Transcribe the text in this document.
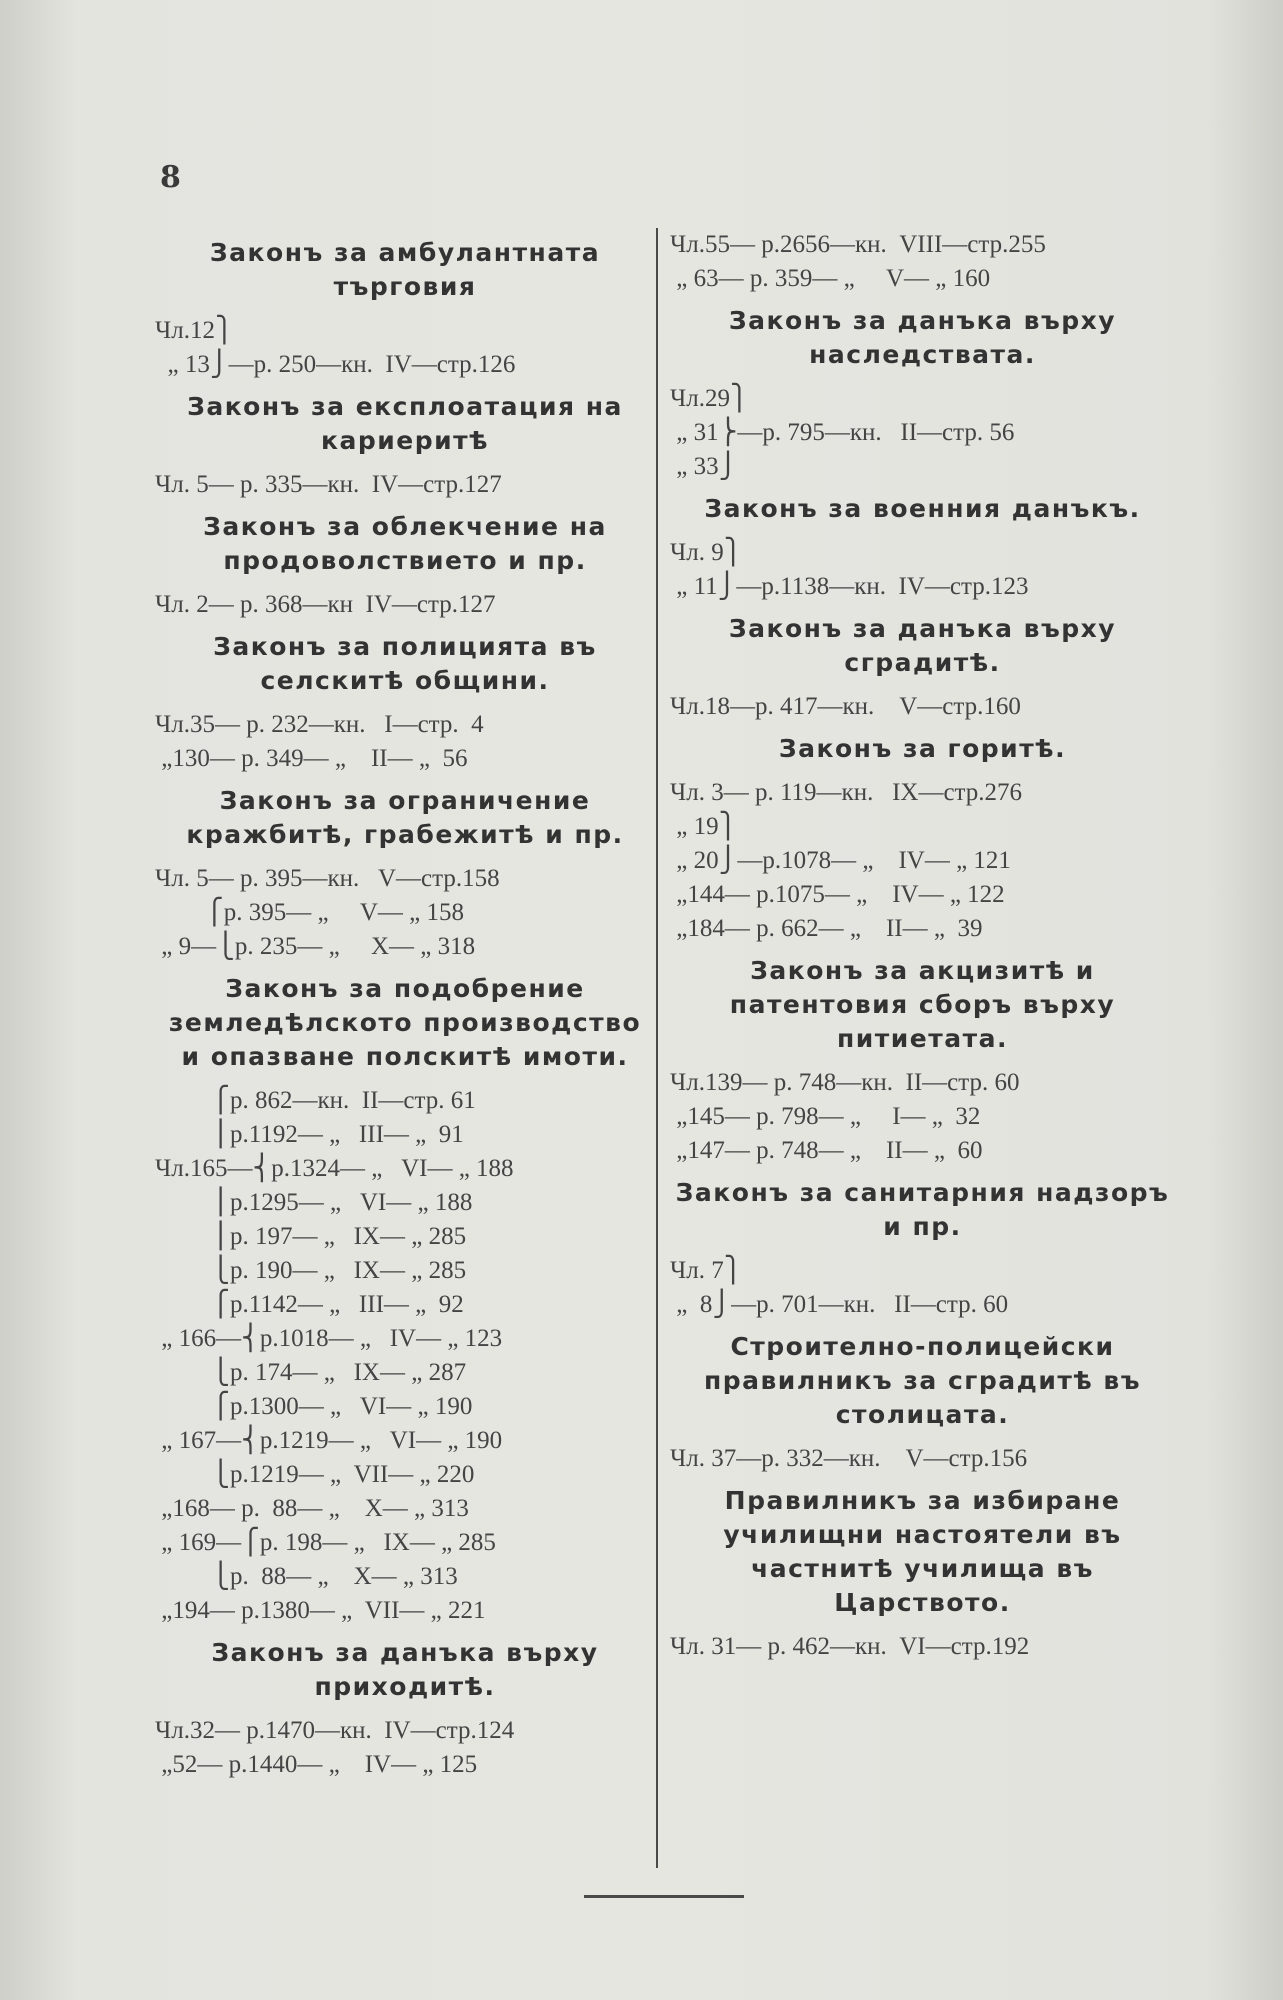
8
Законъ за амбулантната търговия
Чл.12⎫
„ 13⎭—р. 250—кн.  IV—стр.126
Законъ за експлоатация на кариеритѣ
Чл. 5— р. 335—кн.  IV—стр.127
Законъ за облекчение на продоволствието и пр.
Чл. 2— р. 368—кн  IV—стр.127
Законъ за полицията въ селскитѣ общини.
Чл.35— р. 232—кн.   I—стр.  4
„130— р. 349— „    II— „  56
Законъ за ограничение кражбитѣ, грабежитѣ и пр.
Чл. 5— р. 395—кн.   V—стр.158
⎧р. 395— „     V— „ 158
„ 9—⎩р. 235— „     X— „ 318
Законъ за подобрение земледѣлското производство и опазване полскитѣ имоти.
⎧р. 862—кн.  II—стр. 61
⎪р.1192— „   III— „  91
Чл.165—⎨р.1324— „   VI— „ 188
⎪р.1295— „   VI— „ 188
⎪р. 197— „   IX— „ 285
⎩р. 190— „   IX— „ 285
⎧р.1142— „   III— „  92
„ 166—⎨р.1018— „   IV— „ 123
⎩р. 174— „   IX— „ 287
⎧р.1300— „   VI— „ 190
„ 167—⎨р.1219— „   VI— „ 190
⎩р.1219— „  VII— „ 220
„168— р.  88— „    X— „ 313
„ 169—⎧р. 198— „   IX— „ 285
⎩р.  88— „    X— „ 313
„194— р.1380— „  VII— „ 221
Законъ за данъка върху приходитѣ.
Чл.32— р.1470—кн.  IV—стр.124
„52— р.1440— „    IV— „ 125
Чл.55— р.2656—кн.  VIII—стр.255
„ 63— р. 359— „     V— „ 160
Законъ за данъка върху наследствата.
Чл.29⎫
„ 31⎬—р. 795—кн.   II—стр. 56
„ 33⎭
Законъ за военния данъкъ.
Чл. 9⎫
„ 11⎭—р.1138—кн.  IV—стр.123
Законъ за данъка върху сградитѣ.
Чл.18—р. 417—кн.    V—стр.160
Законъ за горитѣ.
Чл. 3— р. 119—кн.   IX—стр.276
„ 19⎫
„ 20⎭—р.1078— „    IV— „ 121
„144— р.1075— „    IV— „ 122
„184— р. 662— „    II— „  39
Законъ за акцизитѣ и патентовия сборъ върху питиетата.
Чл.139— р. 748—кн.  II—стр. 60
„145— р. 798— „     I— „  32
„147— р. 748— „    II— „  60
Законъ за санитарния надзоръ и пр.
Чл. 7⎫
„  8⎭—р. 701—кн.   II—стр. 60
Строително-полицейски правилникъ за сградитѣ въ столицата.
Чл. 37—р. 332—кн.    V—стр.156
Правилникъ за избиране училищни настоятели въ частнитѣ училища въ Царството.
Чл. 31— р. 462—кн.  VI—стр.192
